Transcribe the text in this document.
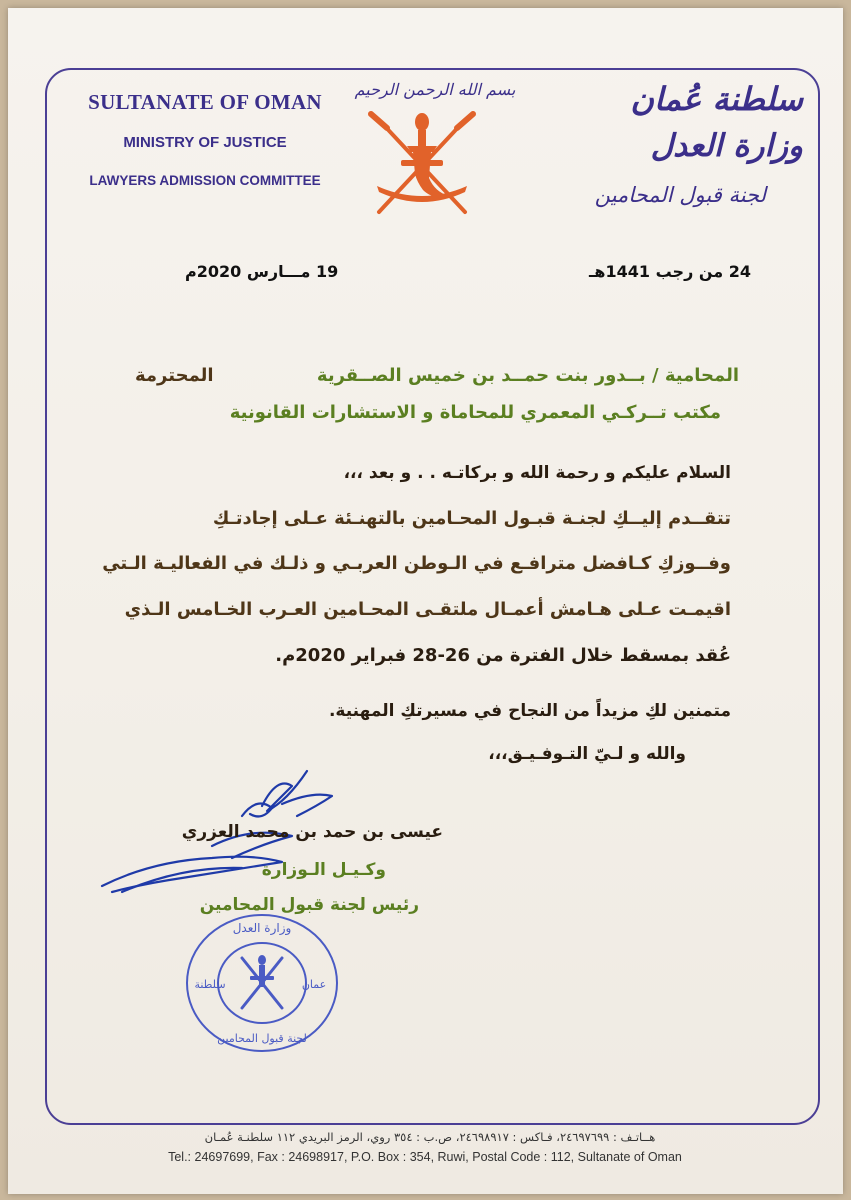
SULTANATE OF OMAN
MINISTRY OF JUSTICE
LAWYERS ADMISSION COMMITTEE
سلطنة عُمان
وزارة العدل
لجنة قبول المحامين
بسم الله الرحمن الرحيم
24 من رجب 1441هـ
19 مـــارس 2020م
المحامية / بــدور بنت حمــد بن خميس الصــقرية
المحترمة
مكتب تــركـي المعمري للمحاماة و الاستشارات القانونية
السلام عليكم و رحمة الله و بركاتـه . . و بعد ،،،
تتقــدم إليــكِ لجنـة قبـول المحـامين بالتهنـئة عـلى إجادتـكِ
وفــوزكِ كـافضل مترافـع في الـوطن العربـي و ذلـك في الفعاليـة الـتي
اقيمـت عـلى هـامش أعمـال ملتقـى المحـامين العـرب الخـامس الـذي
عُقد بمسقط خلال الفترة من 26-28 فبراير 2020م.
متمنين لكِ مزيداً من النجاح في مسيرتكِ المهنية.
والله و لـيّ التـوفـيـق،،،
عيسى بن حمد بن محمد العزري
وكـيـل الـوزارة
رئيس لجنة قبول المحامين
وزارة العدل
سلطنة	عمان
لجنة قبول المحامين
هــاتـف : ٢٤٦٩٧٦٩٩، فـاكس : ٢٤٦٩٨٩١٧، ص.ب : ٣٥٤ روي، الرمز البريدي ١١٢ سلطنـة عُمـان
Tel.: 24697699, Fax : 24698917, P.O. Box : 354, Ruwi, Postal Code : 112, Sultanate of Oman
